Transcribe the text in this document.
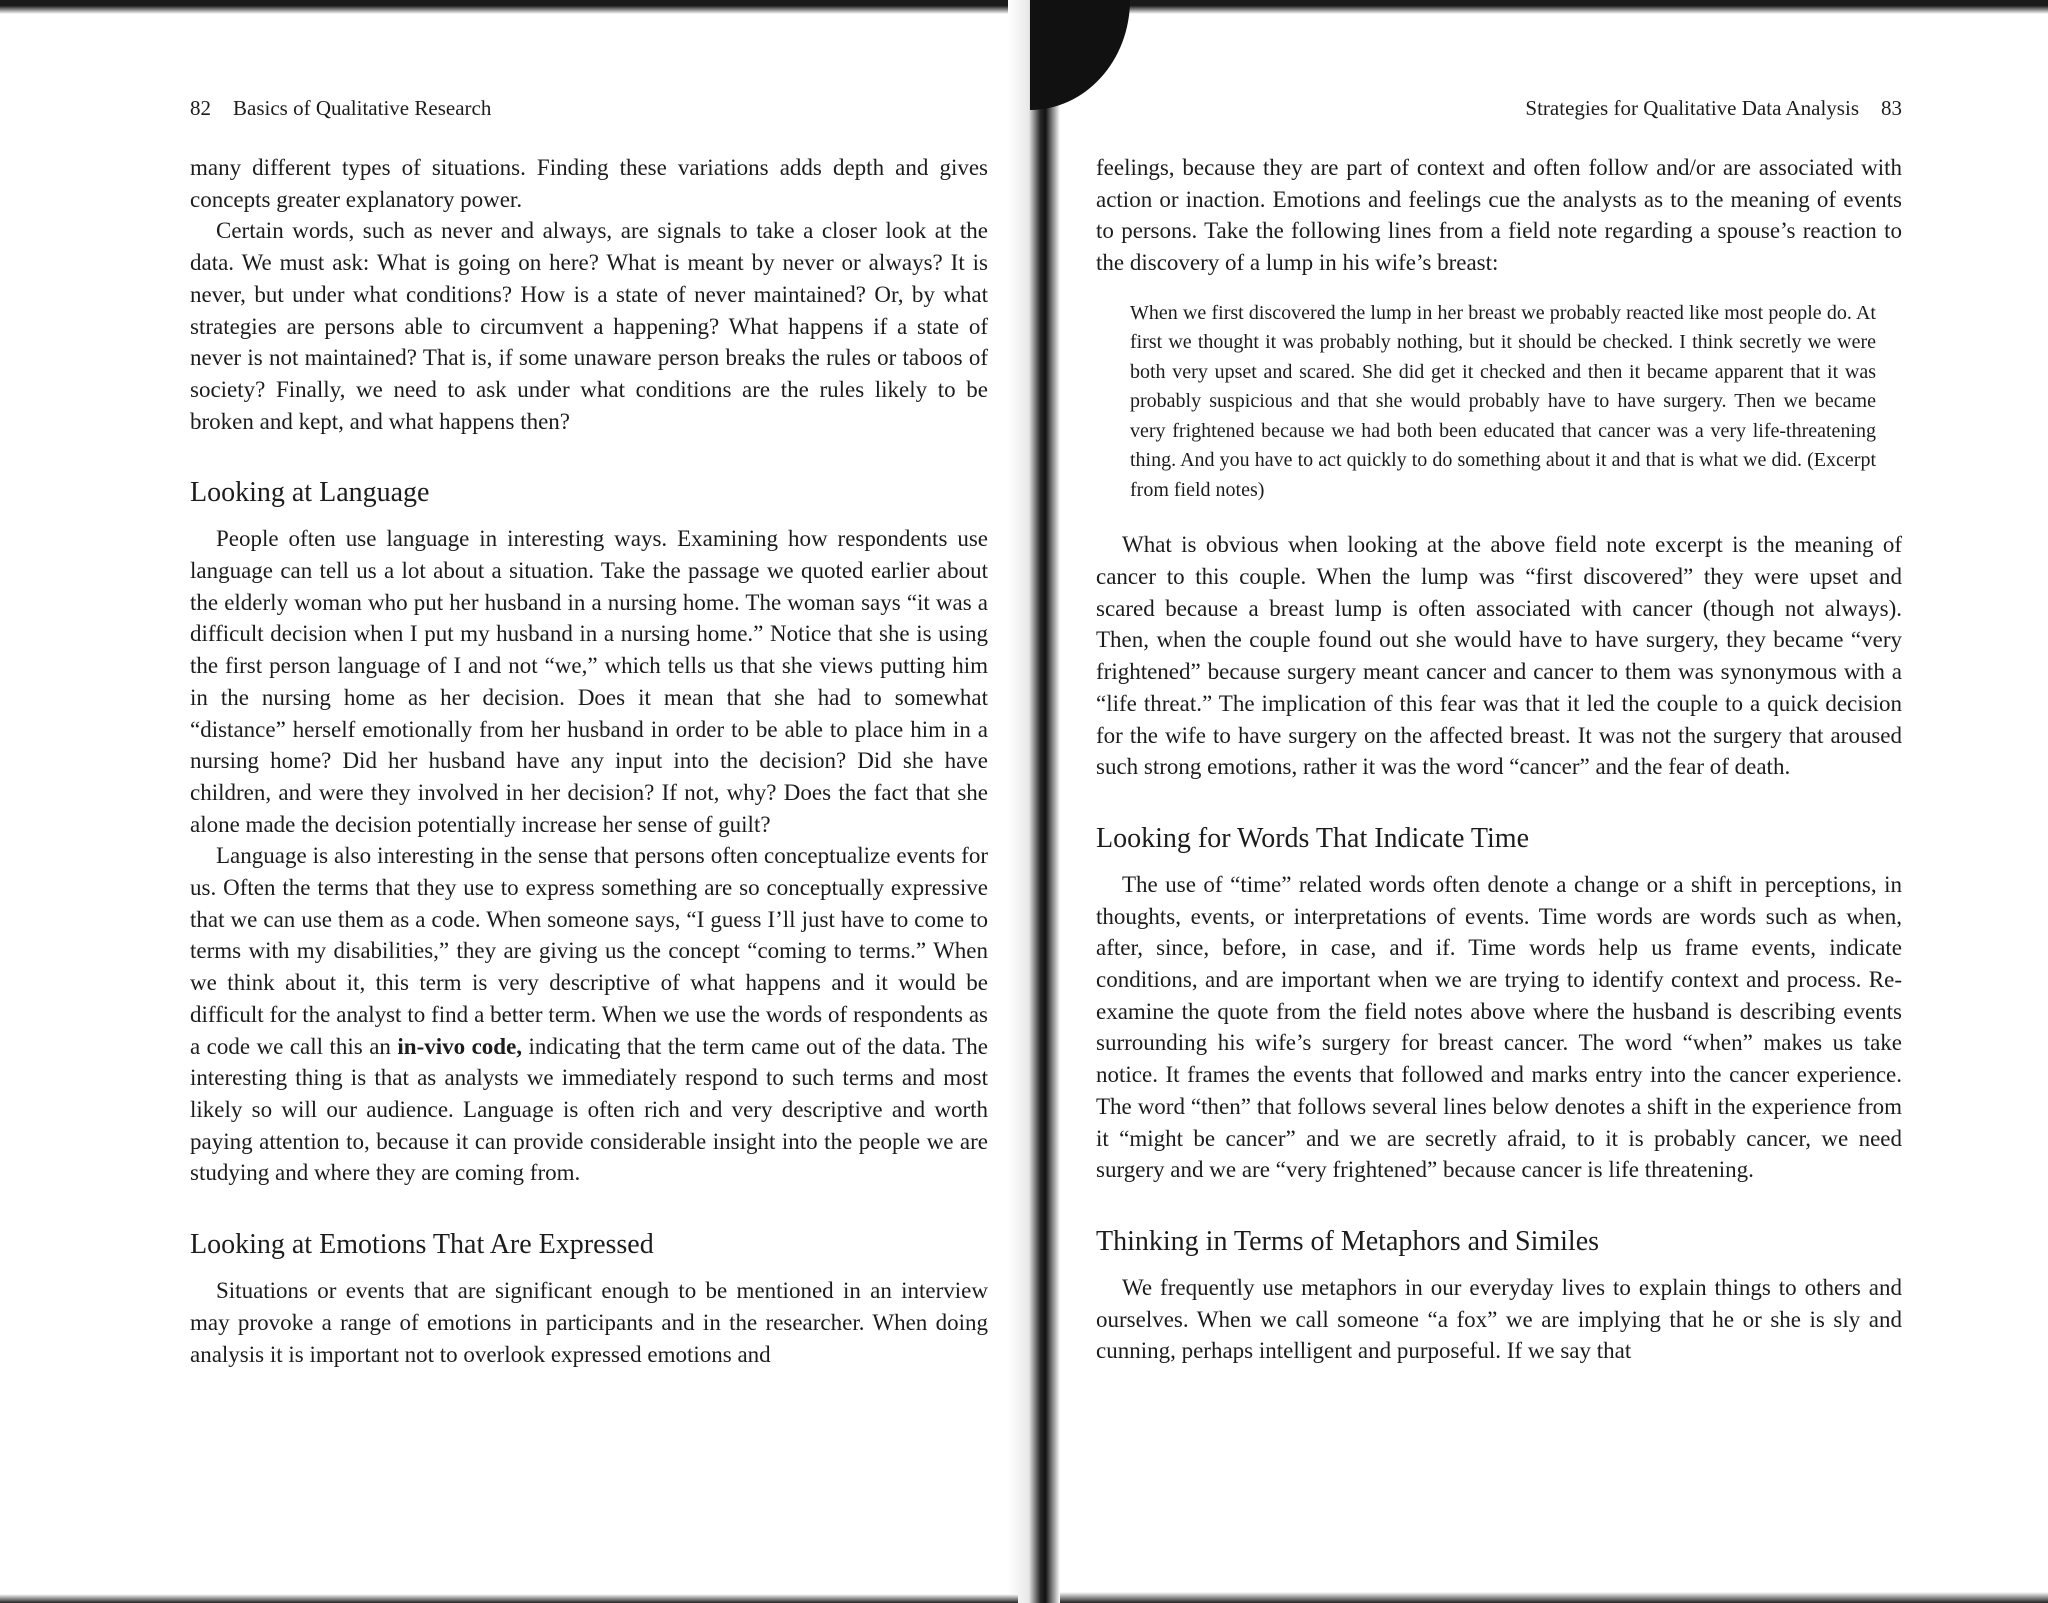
82 Basics of Qualitative Research

many different types of situations. Finding these variations adds depth and gives concepts greater explanatory power.

Certain words, such as never and always, are signals to take a closer look at the data. We must ask: What is going on here? What is meant by never or always? It is never, but under what conditions? How is a state of never maintained? Or, by what strategies are persons able to circumvent a happening? What happens if a state of never is not maintained? That is, if some unaware person breaks the rules or taboos of society? Finally, we need to ask under what conditions are the rules likely to be broken and kept, and what happens then?

Looking at Language

People often use language in interesting ways. Examining how respondents use language can tell us a lot about a situation. Take the passage we quoted earlier about the elderly woman who put her husband in a nursing home. The woman says “it was a difficult decision when I put my husband in a nursing home.” Notice that she is using the first person language of I and not “we,” which tells us that she views putting him in the nursing home as her decision. Does it mean that she had to somewhat “distance” herself emotionally from her husband in order to be able to place him in a nursing home? Did her husband have any input into the decision? Did she have children, and were they involved in her decision? If not, why? Does the fact that she alone made the decision potentially increase her sense of guilt?

Language is also interesting in the sense that persons often conceptualize events for us. Often the terms that they use to express something are so conceptually expressive that we can use them as a code. When someone says, “I guess I’ll just have to come to terms with my disabilities,” they are giving us the concept “coming to terms.” When we think about it, this term is very descriptive of what happens and it would be difficult for the analyst to find a better term. When we use the words of respondents as a code we call this an in-vivo code, indicating that the term came out of the data. The interesting thing is that as analysts we immediately respond to such terms and most likely so will our audience. Language is often rich and very descriptive and worth paying attention to, because it can provide considerable insight into the people we are studying and where they are coming from.

Looking at Emotions That Are Expressed

Situations or events that are significant enough to be mentioned in an interview may provoke a range of emotions in participants and in the researcher. When doing analysis it is important not to overlook expressed emotions and

Strategies for Qualitative Data Analysis 83

feelings, because they are part of context and often follow and/or are associated with action or inaction. Emotions and feelings cue the analysts as to the meaning of events to persons. Take the following lines from a field note regarding a spouse’s reaction to the discovery of a lump in his wife’s breast:

When we first discovered the lump in her breast we probably reacted like most people do. At first we thought it was probably nothing, but it should be checked. I think secretly we were both very upset and scared. She did get it checked and then it became apparent that it was probably suspicious and that she would probably have to have surgery. Then we became very frightened because we had both been educated that cancer was a very life-threatening thing. And you have to act quickly to do something about it and that is what we did. (Excerpt from field notes)

What is obvious when looking at the above field note excerpt is the meaning of cancer to this couple. When the lump was “first discovered” they were upset and scared because a breast lump is often associated with cancer (though not always). Then, when the couple found out she would have to have surgery, they became “very frightened” because surgery meant cancer and cancer to them was synonymous with a “life threat.” The implication of this fear was that it led the couple to a quick decision for the wife to have surgery on the affected breast. It was not the surgery that aroused such strong emotions, rather it was the word “cancer” and the fear of death.

Looking for Words That Indicate Time

The use of “time” related words often denote a change or a shift in perceptions, in thoughts, events, or interpretations of events. Time words are words such as when, after, since, before, in case, and if. Time words help us frame events, indicate conditions, and are important when we are trying to identify context and process. Re-examine the quote from the field notes above where the husband is describing events surrounding his wife’s surgery for breast cancer. The word “when” makes us take notice. It frames the events that followed and marks entry into the cancer experience. The word “then” that follows several lines below denotes a shift in the experience from it “might be cancer” and we are secretly afraid, to it is probably cancer, we need surgery and we are “very frightened” because cancer is life threatening.

Thinking in Terms of Metaphors and Similes

We frequently use metaphors in our everyday lives to explain things to others and ourselves. When we call someone “a fox” we are implying that he or she is sly and cunning, perhaps intelligent and purposeful. If we say that
